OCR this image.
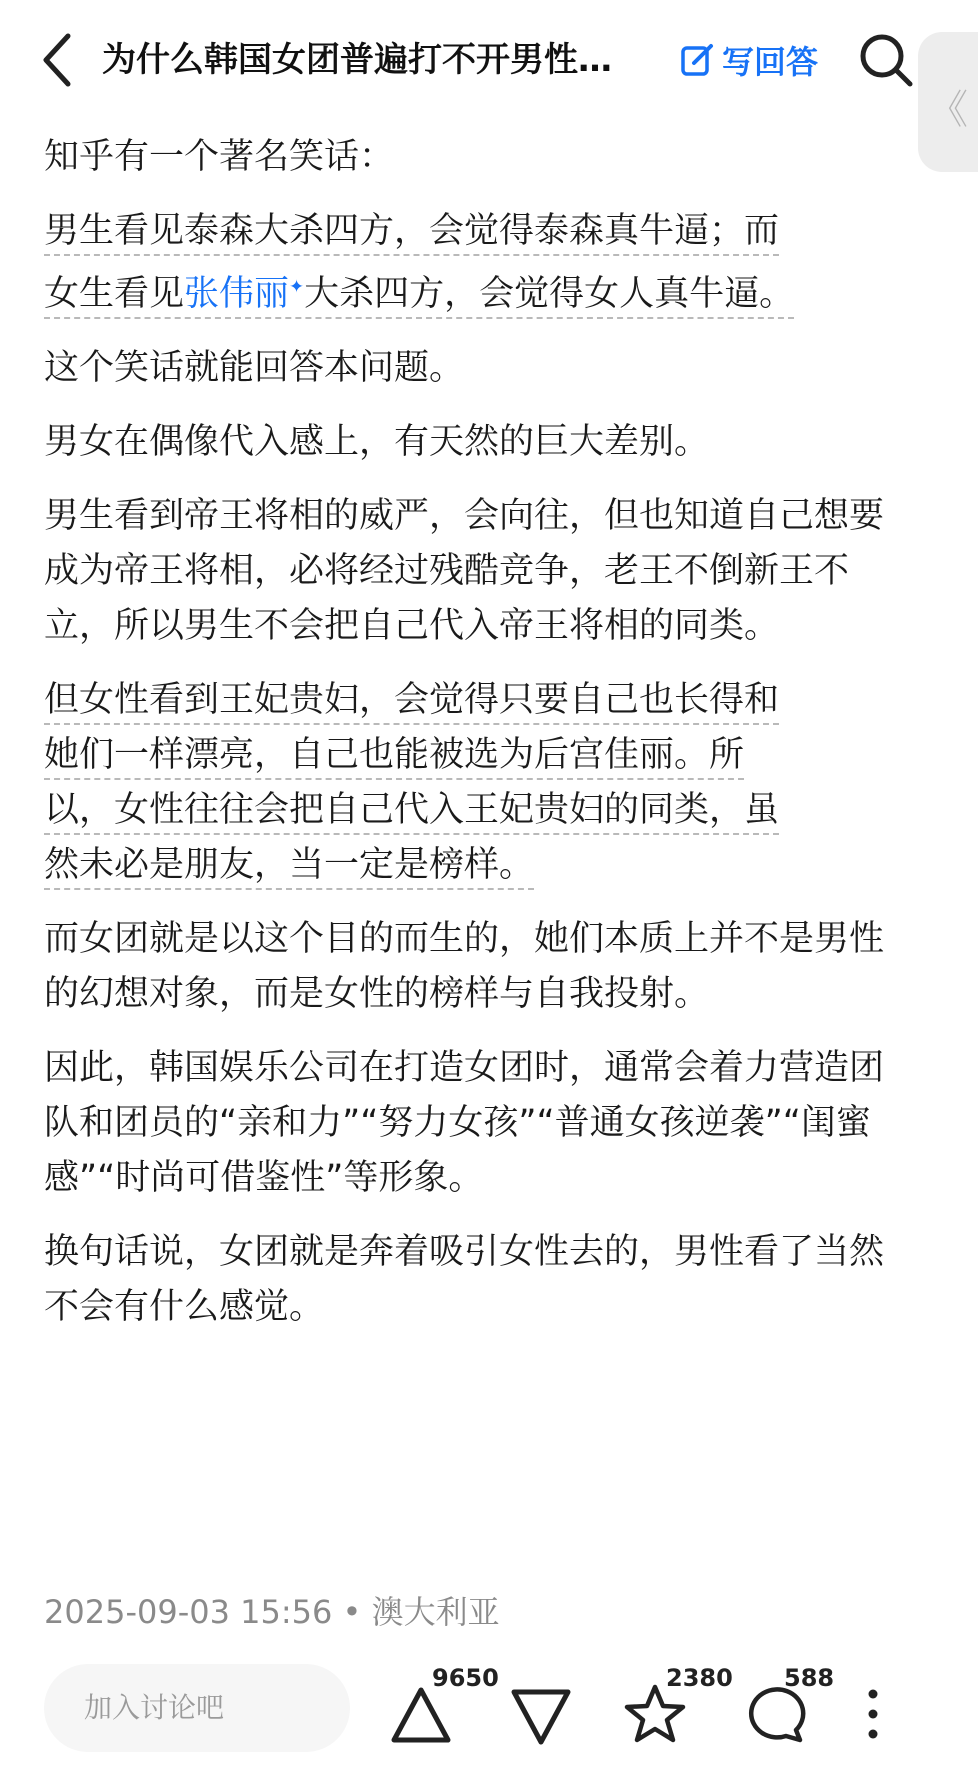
为什么韩国女团普遍打不开男性…	写回答
《

知乎有一个著名笑话：

男生看见泰森大杀四方，会觉得泰森真牛逼；而
女生看见张伟丽✦大杀四方，会觉得女人真牛逼。

这个笑话就能回答本问题。

男女在偶像代入感上，有天然的巨大差别。

男生看到帝王将相的威严，会向往，但也知道自己想要成为帝王将相，必将经过残酷竞争，老王不倒新王不立，所以男生不会把自己代入帝王将相的同类。

但女性看到王妃贵妇，会觉得只要自己也长得和
她们一样漂亮，自己也能被选为后宫佳丽。所
以，女性往往会把自己代入王妃贵妇的同类，虽
然未必是朋友，当一定是榜样。

而女团就是以这个目的而生的，她们本质上并不是男性的幻想对象，而是女性的榜样与自我投射。

因此，韩国娱乐公司在打造女团时，通常会着力营造团队和团员的“亲和力”“努力女孩”“普通女孩逆袭”“闺蜜感”“时尚可借鉴性”等形象。

换句话说，女团就是奔着吸引女性去的，男性看了当然不会有什么感觉。

2025-09-03 15:56 • 澳大利亚
加入讨论吧
9650	2380 588
